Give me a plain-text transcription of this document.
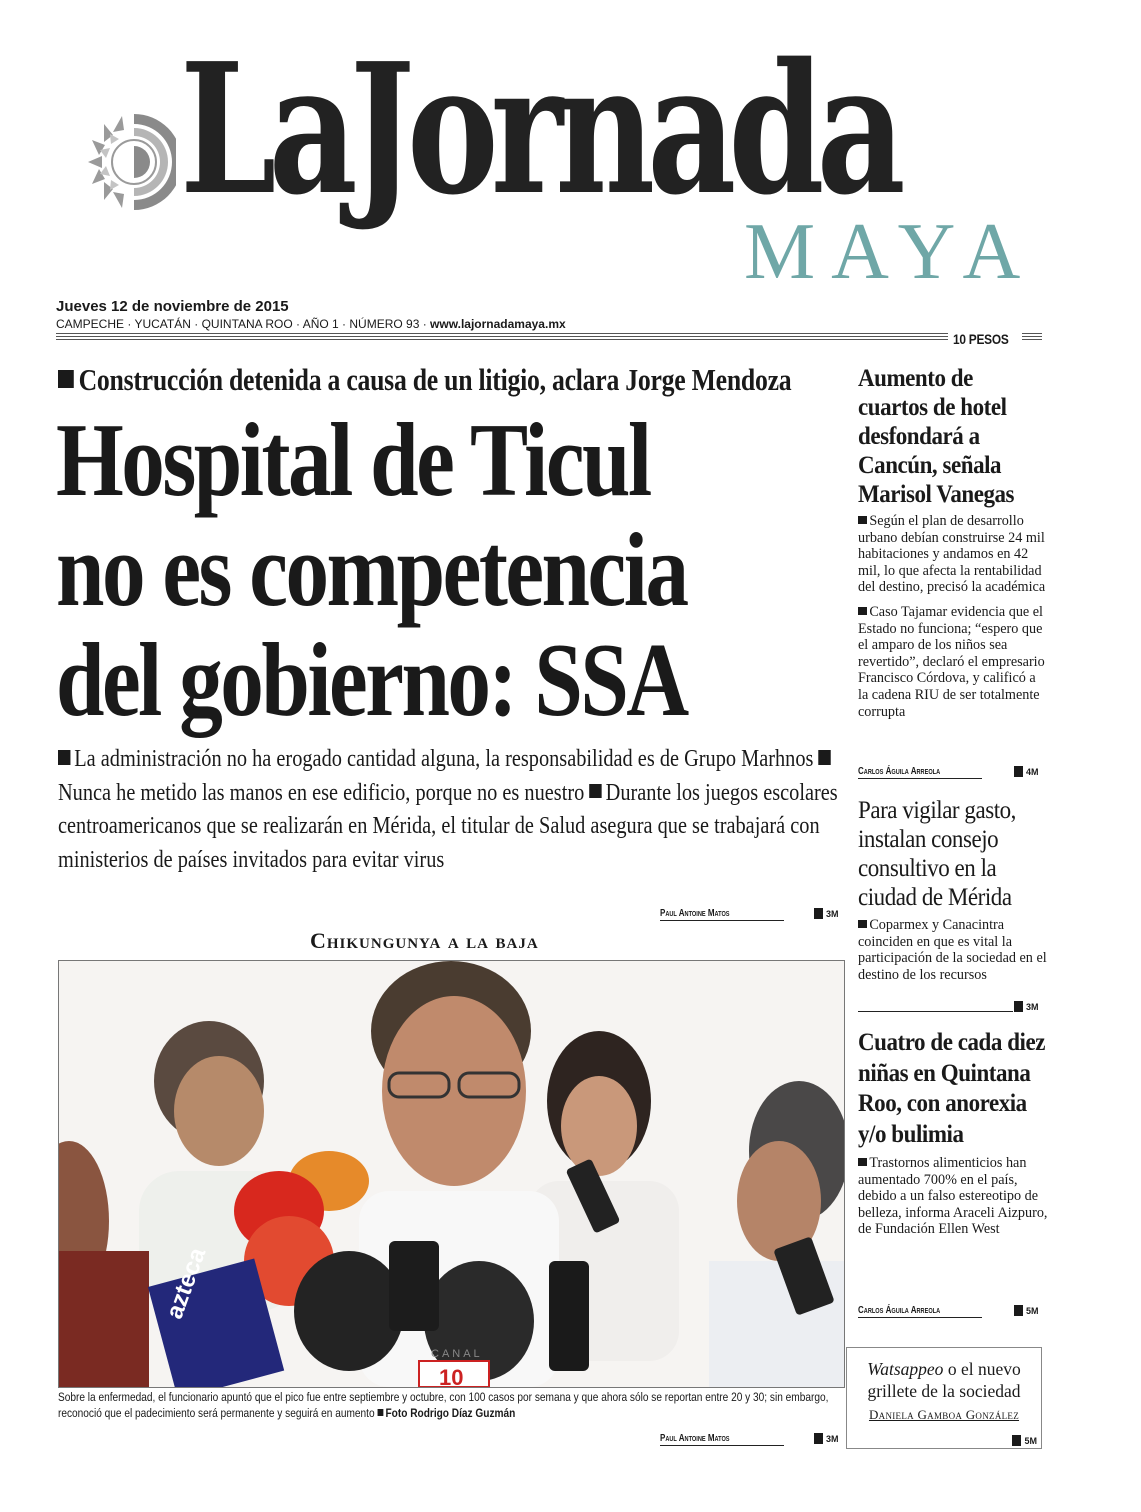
LaJornada
MAYA
Jueves 12 de noviembre de 2015
CAMPECHE · YUCATÁN · QUINTANA ROO · AÑO 1 · NÚMERO 93 · www.lajornadamaya.mx
10 PESOS
Construcción detenida a causa de un litigio, aclara Jorge Mendoza
Hospital de Ticul
no es competencia
del gobierno: SSA
La administración no ha erogado cantidad alguna, la responsabilidad es de Grupo Marhnos Nunca he metido las manos en ese edificio, porque no es nuestro Durante los juegos escolares centroamericanos que se realizarán en Mérida, el titular de Salud asegura que se trabajará con ministerios de países invitados para evitar virus
Paul Antoine Matos	3M
Chikungunya a la baja
azteca
CANAL
10
Sobre la enfermedad, el funcionario apuntó que el pico fue entre septiembre y octubre, con 100 casos por semana y que ahora sólo se reportan entre 20 y 30; sin embargo, reconoció que el padecimiento será permanente y seguirá en aumento Foto Rodrigo Díaz Guzmán
Paul Antoine Matos	3M
Aumento de cuartos de hotel desfondará a Cancún, señala Marisol Vanegas

Según el plan de desarrollo urbano debían construirse 24 mil habitaciones y andamos en 42 mil, lo que afecta la rentabilidad del destino, precisó la académica

Caso Tajamar evidencia que el Estado no funciona; “espero que el amparo de los niños sea revertido”, declaró el empresario Francisco Córdova, y calificó a la cadena RIU de ser totalmente corrupta

Carlos Águila Arreola	4M
Para vigilar gasto, instalan consejo consultivo en la ciudad de Mérida

Coparmex y Canacintra coinciden en que es vital la participación de la sociedad en el destino de los recursos

3M
Cuatro de cada diez niñas en Quintana Roo, con anorexia y/o bulimia

Trastornos alimenticios han aumentado 700% en el país, debido a un falso estereotipo de belleza, informa Araceli Aizpuro, de Fundación Ellen West

Carlos Águila Arreola	5M
Watsappeo o el nuevo grillete de la sociedad
Daniela Gamboa González
5M
